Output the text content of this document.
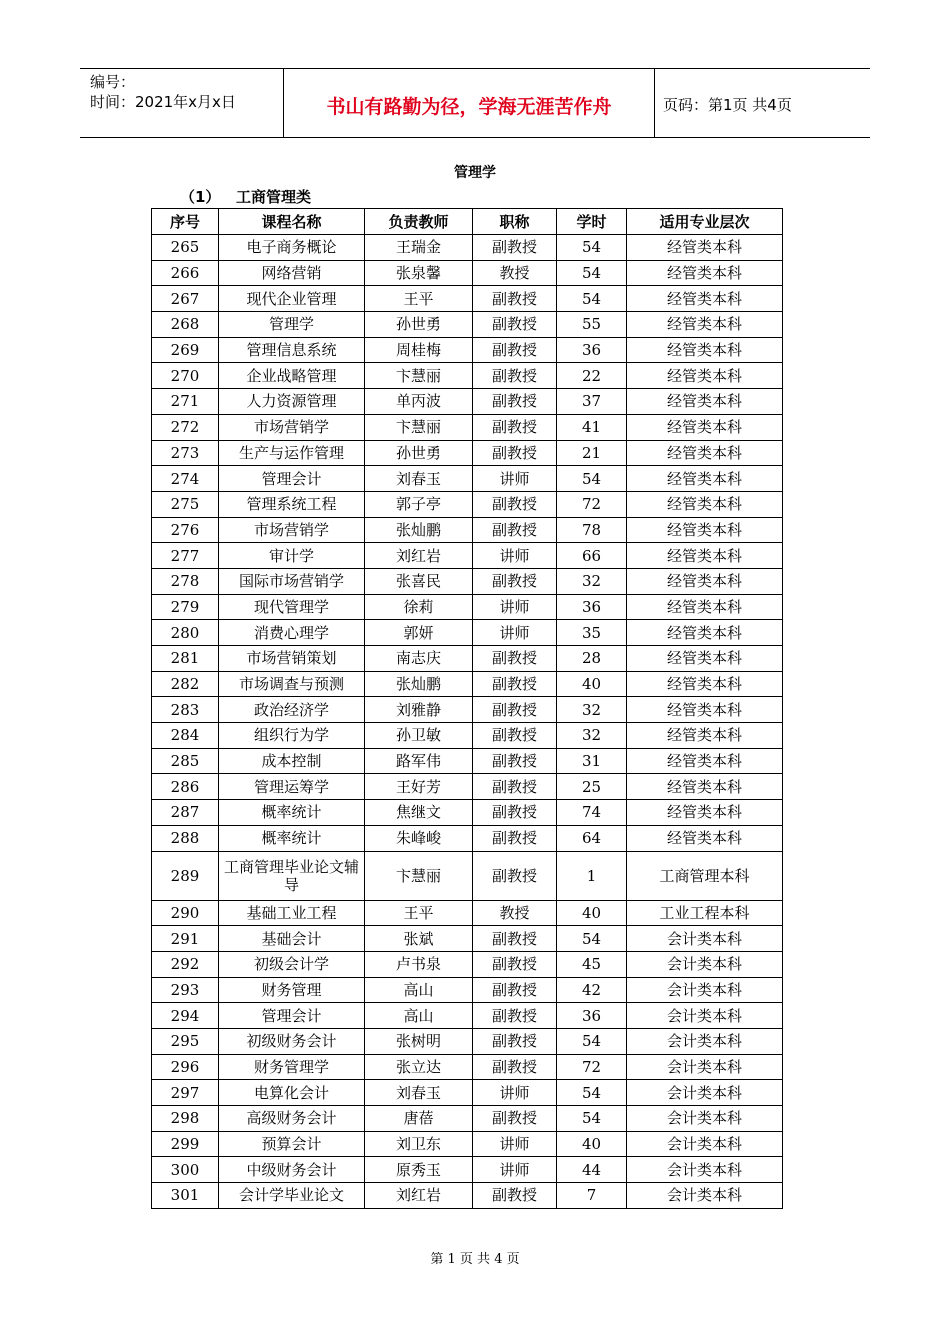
编号：
时间：2021年x月x日	书山有路勤为径，学海无涯苦作舟	页码：第1页 共4页
管理学
（1） 工商管理类
序号	课程名称	负责教师	职称	学时	适用专业层次
265	电子商务概论	王瑞金	副教授	54	经管类本科
266	网络营销	张泉馨	教授	54	经管类本科
267	现代企业管理	王平	副教授	54	经管类本科
268	管理学	孙世勇	副教授	55	经管类本科
269	管理信息系统	周桂梅	副教授	36	经管类本科
270	企业战略管理	卞慧丽	副教授	22	经管类本科
271	人力资源管理	单丙波	副教授	37	经管类本科
272	市场营销学	卞慧丽	副教授	41	经管类本科
273	生产与运作管理	孙世勇	副教授	21	经管类本科
274	管理会计	刘春玉	讲师	54	经管类本科
275	管理系统工程	郭子亭	副教授	72	经管类本科
276	市场营销学	张灿鹏	副教授	78	经管类本科
277	审计学	刘红岩	讲师	66	经管类本科
278	国际市场营销学	张喜民	副教授	32	经管类本科
279	现代管理学	徐莉	讲师	36	经管类本科
280	消费心理学	郭妍	讲师	35	经管类本科
281	市场营销策划	南志庆	副教授	28	经管类本科
282	市场调查与预测	张灿鹏	副教授	40	经管类本科
283	政治经济学	刘雅静	副教授	32	经管类本科
284	组织行为学	孙卫敏	副教授	32	经管类本科
285	成本控制	路军伟	副教授	31	经管类本科
286	管理运筹学	王好芳	副教授	25	经管类本科
287	概率统计	焦继文	副教授	74	经管类本科
288	概率统计	朱峰峻	副教授	64	经管类本科
289	工商管理毕业论文辅导	卞慧丽	副教授	1	工商管理本科
290	基础工业工程	王平	教授	40	工业工程本科
291	基础会计	张斌	副教授	54	会计类本科
292	初级会计学	卢书泉	副教授	45	会计类本科
293	财务管理	高山	副教授	42	会计类本科
294	管理会计	高山	副教授	36	会计类本科
295	初级财务会计	张树明	副教授	54	会计类本科
296	财务管理学	张立达	副教授	72	会计类本科
297	电算化会计	刘春玉	讲师	54	会计类本科
298	高级财务会计	唐蓓	副教授	54	会计类本科
299	预算会计	刘卫东	讲师	40	会计类本科
300	中级财务会计	原秀玉	讲师	44	会计类本科
301	会计学毕业论文	刘红岩	副教授	7	会计类本科
第 1 页 共 4 页
